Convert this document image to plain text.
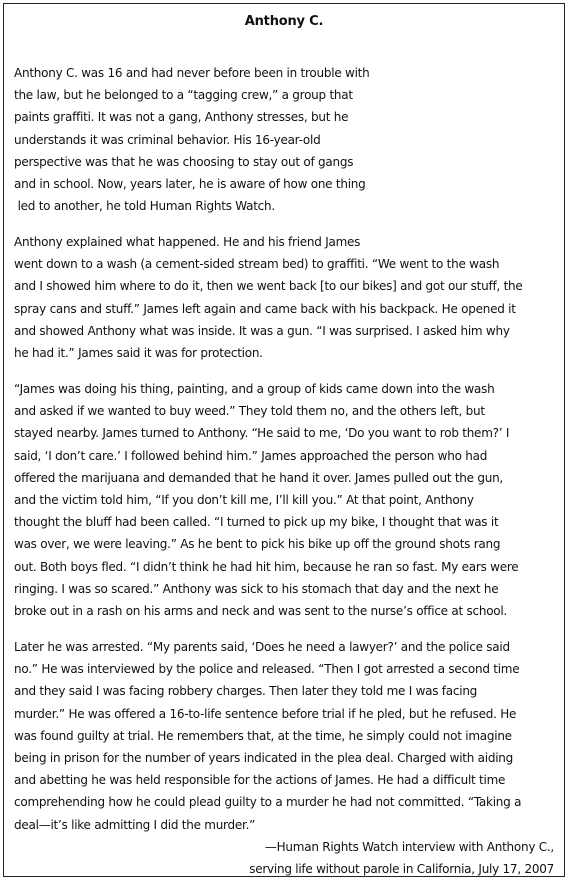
Anthony C.

Anthony C. was 16 and had never before been in trouble with
the law, but he belonged to a “tagging crew,” a group that
paints graffiti. It was not a gang, Anthony stresses, but he
understands it was criminal behavior. His 16-year-old
perspective was that he was choosing to stay out of gangs
and in school. Now, years later, he is aware of how one thing
led to another, he told Human Rights Watch.

Anthony explained what happened. He and his friend James
went down to a wash (a cement-sided stream bed) to graffiti. “We went to the wash
and I showed him where to do it, then we went back [to our bikes] and got our stuff, the
spray cans and stuff.” James left again and came back with his backpack. He opened it
and showed Anthony what was inside. It was a gun. “I was surprised. I asked him why
he had it.” James said it was for protection.

“James was doing his thing, painting, and a group of kids came down into the wash
and asked if we wanted to buy weed.” They told them no, and the others left, but
stayed nearby. James turned to Anthony. “He said to me, ‘Do you want to rob them?’ I
said, ‘I don’t care.’ I followed behind him.” James approached the person who had
offered the marijuana and demanded that he hand it over. James pulled out the gun,
and the victim told him, “If you don’t kill me, I’ll kill you.” At that point, Anthony
thought the bluff had been called. “I turned to pick up my bike, I thought that was it
was over, we were leaving.” As he bent to pick his bike up off the ground shots rang
out. Both boys fled. “I didn’t think he had hit him, because he ran so fast. My ears were
ringing. I was so scared.” Anthony was sick to his stomach that day and the next he
broke out in a rash on his arms and neck and was sent to the nurse’s office at school.

Later he was arrested. “My parents said, ‘Does he need a lawyer?’ and the police said
no.” He was interviewed by the police and released. “Then I got arrested a second time
and they said I was facing robbery charges. Then later they told me I was facing
murder.” He was offered a 16-to-life sentence before trial if he pled, but he refused. He
was found guilty at trial. He remembers that, at the time, he simply could not imagine
being in prison for the number of years indicated in the plea deal. Charged with aiding
and abetting he was held responsible for the actions of James. He had a difficult time
comprehending how he could plead guilty to a murder he had not committed. “Taking a
deal—it’s like admitting I did the murder.”

—Human Rights Watch interview with Anthony C.,
serving life without parole in California, July 17, 2007
